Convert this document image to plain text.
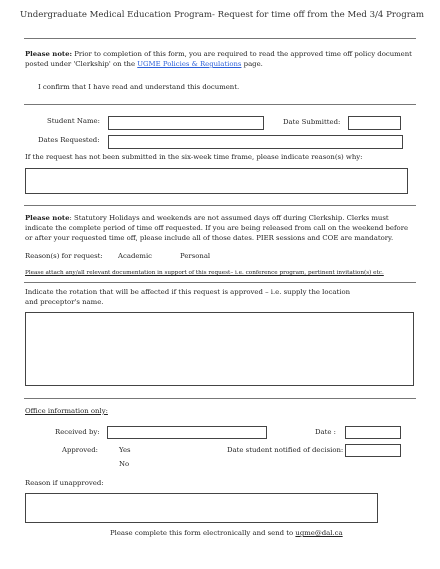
Undergraduate Medical Education Program- Request for time off from the Med 3/4 Program
Please note: Prior to completion of this form, you are required to read the approved time off policy document posted under 'Clerkship' on the UGME Policies & Regulations page.
I confirm that I have read and understand this document.
Student Name:	Date Submitted:
Dates Requested:
If the request has not been submitted in the six-week time frame, please indicate reason(s) why:
Please note: Statutory Holidays and weekends are not assumed days off during Clerkship. Clerks must indicate the complete period of time off requested. If you are being released from call on the weekend before or after your requested time off, please include all of those dates. PIER sessions and COE are mandatory.
Reason(s) for request: Academic	Personal
Please attach any/all relevant documentation in support of this request– i.e. conference program, pertinent invitation(s) etc.
Indicate the rotation that will be affected if this request is approved – i.e. supply the location and preceptor's name.
Office information only:
Received by:	Date :
Approved:	Yes
No
Date student notified of decision:
Reason if unapproved:
Please complete this form electronically and send to ugme@dal.ca
